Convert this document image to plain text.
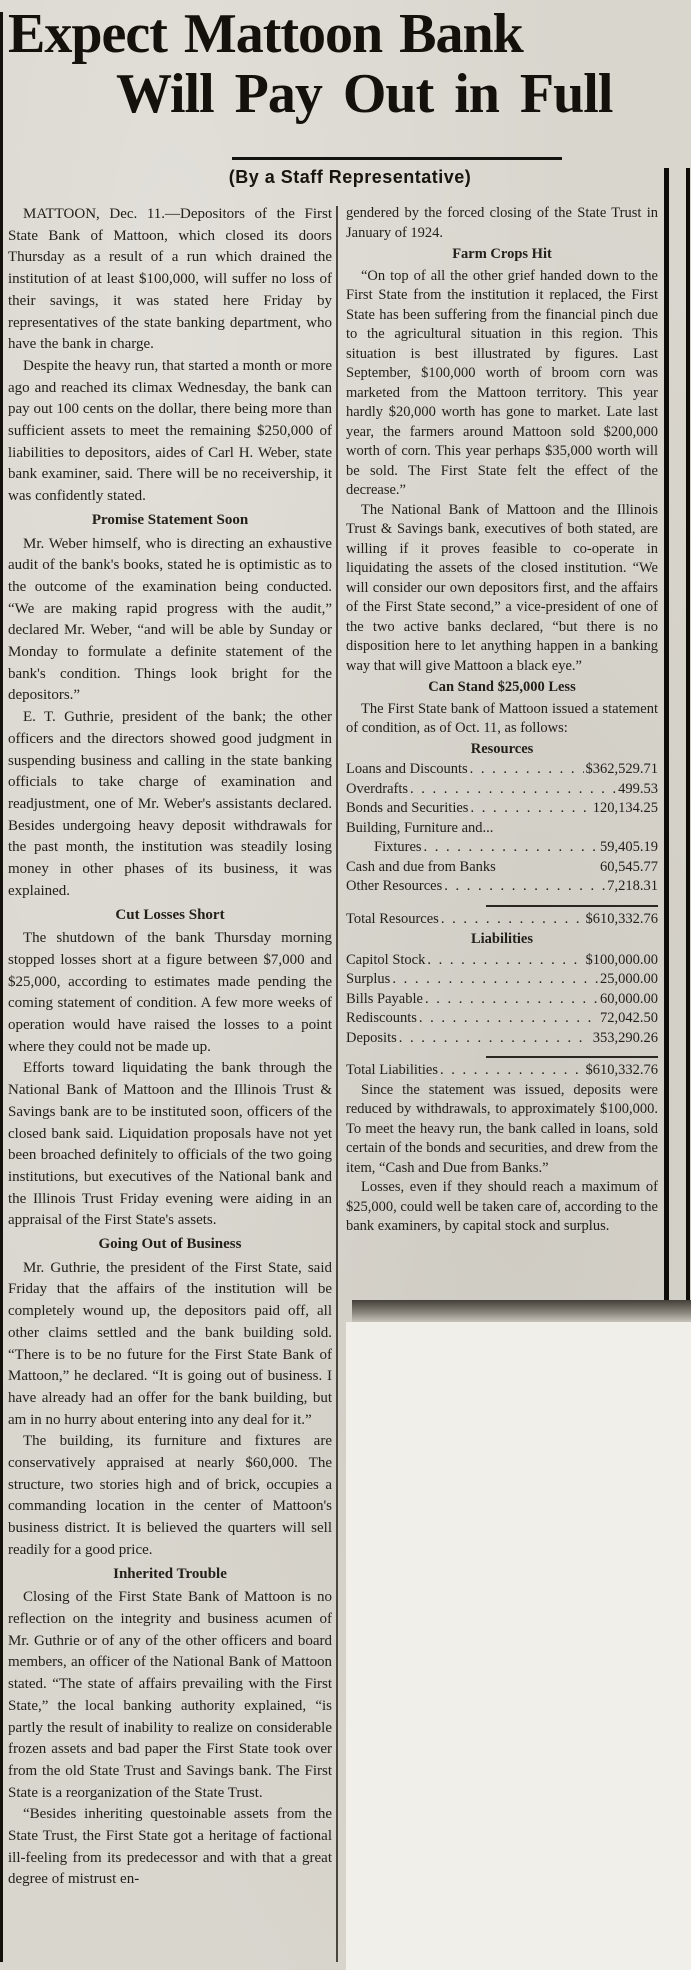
Expect Mattoon Bank
Will Pay Out in Full
(By a Staff Representative)

MATTOON, Dec. 11.—Depositors of the First State Bank of Mattoon, which closed its doors Thursday as a result of a run which drained the institution of at least $100,000, will suffer no loss of their savings, it was stated here Friday by representatives of the state banking department, who have the bank in charge.

Despite the heavy run, that started a month or more ago and reached its climax Wednesday, the bank can pay out 100 cents on the dollar, there being more than sufficient assets to meet the remaining $250,000 of liabilities to depositors, aides of Carl H. Weber, state bank examiner, said. There will be no receivership, it was confidently stated.

Promise Statement Soon

Mr. Weber himself, who is directing an exhaustive audit of the bank's books, stated he is optimistic as to the outcome of the examination being conducted. “We are making rapid progress with the audit,” declared Mr. Weber, “and will be able by Sunday or Monday to formulate a definite statement of the bank's condition. Things look bright for the depositors.”

E. T. Guthrie, president of the bank; the other officers and the directors showed good judgment in suspending business and calling in the state banking officials to take charge of examination and readjustment, one of Mr. Weber's assistants declared. Besides undergoing heavy deposit withdrawals for the past month, the institution was steadily losing money in other phases of its business, it was explained.

Cut Losses Short

The shutdown of the bank Thursday morning stopped losses short at a figure between $7,000 and $25,000, according to estimates made pending the coming statement of condition. A few more weeks of operation would have raised the losses to a point where they could not be made up.

Efforts toward liquidating the bank through the National Bank of Mattoon and the Illinois Trust & Savings bank are to be instituted soon, officers of the closed bank said. Liquidation proposals have not yet been broached definitely to officials of the two going institutions, but executives of the National bank and the Illinois Trust Friday evening were aiding in an appraisal of the First State's assets.

Going Out of Business

Mr. Guthrie, the president of the First State, said Friday that the affairs of the institution will be completely wound up, the depositors paid off, all other claims settled and the bank building sold. “There is to be no future for the First State Bank of Mattoon,” he declared. “It is going out of business. I have already had an offer for the bank building, but am in no hurry about entering into any deal for it.”

The building, its furniture and fixtures are conservatively appraised at nearly $60,000. The structure, two stories high and of brick, occupies a commanding location in the center of Mattoon's business district. It is believed the quarters will sell readily for a good price.

Inherited Trouble

Closing of the First State Bank of Mattoon is no reflection on the integrity and business acumen of Mr. Guthrie or of any of the other officers and board members, an officer of the National Bank of Mattoon stated. “The state of affairs prevailing with the First State,” the local banking authority explained, “is partly the result of inability to realize on considerable frozen assets and bad paper the First State took over from the old State Trust and Savings bank. The First State is a reorganization of the State Trust.

“Besides inheriting questoinable assets from the State Trust, the First State got a heritage of factional ill-feeling from its predecessor and with that a great degree of mistrust en-

gendered by the forced closing of the State Trust in January of 1924.

Farm Crops Hit

“On top of all the other grief handed down to the First State from the institution it replaced, the First State has been suffering from the financial pinch due to the agricultural situation in this region. This situation is best illustrated by figures. Last September, $100,000 worth of broom corn was marketed from the Mattoon territory. This year hardly $20,000 worth has gone to market. Late last year, the farmers around Mattoon sold $200,000 worth of corn. This year perhaps $35,000 worth will be sold. The First State felt the effect of the decrease.”

The National Bank of Mattoon and the Illinois Trust & Savings bank, executives of both stated, are willing if it proves feasible to co-operate in liquidating the assets of the closed institution. “We will consider our own depositors first, and the affairs of the First State second,” a vice-president of one of the two active banks declared, “but there is no disposition here to let anything happen in a banking way that will give Mattoon a black eye.”

Can Stand $25,000 Less

The First State bank of Mattoon issued a statement of condition, as of Oct. 11, as follows:

Resources
Loans and Discounts . . .	$362,529.71
Overdrafts . . .	499.53
Bonds and Securities . . .	120,134.25
Building, Furniture and...
Fixtures . . .	59,405.19
Cash and due from Banks	60,545.77
Other Resources . . .	7,218.31
Total Resources . . .	$610,332.76
Liabilities
Capitol Stock . . .	$100,000.00
Surplus . . .	25,000.00
Bills Payable . . .	60,000.00
Rediscounts . . .	72,042.50
Deposits . . .	353,290.26
Total Liabilities . . .	$610,332.76

Since the statement was issued, deposits were reduced by withdrawals, to approximately $100,000. To meet the heavy run, the bank called in loans, sold certain of the bonds and securities, and drew from the item, “Cash and Due from Banks.”

Losses, even if they should reach a maximum of $25,000, could well be taken care of, according to the bank examiners, by capital stock and surplus.
